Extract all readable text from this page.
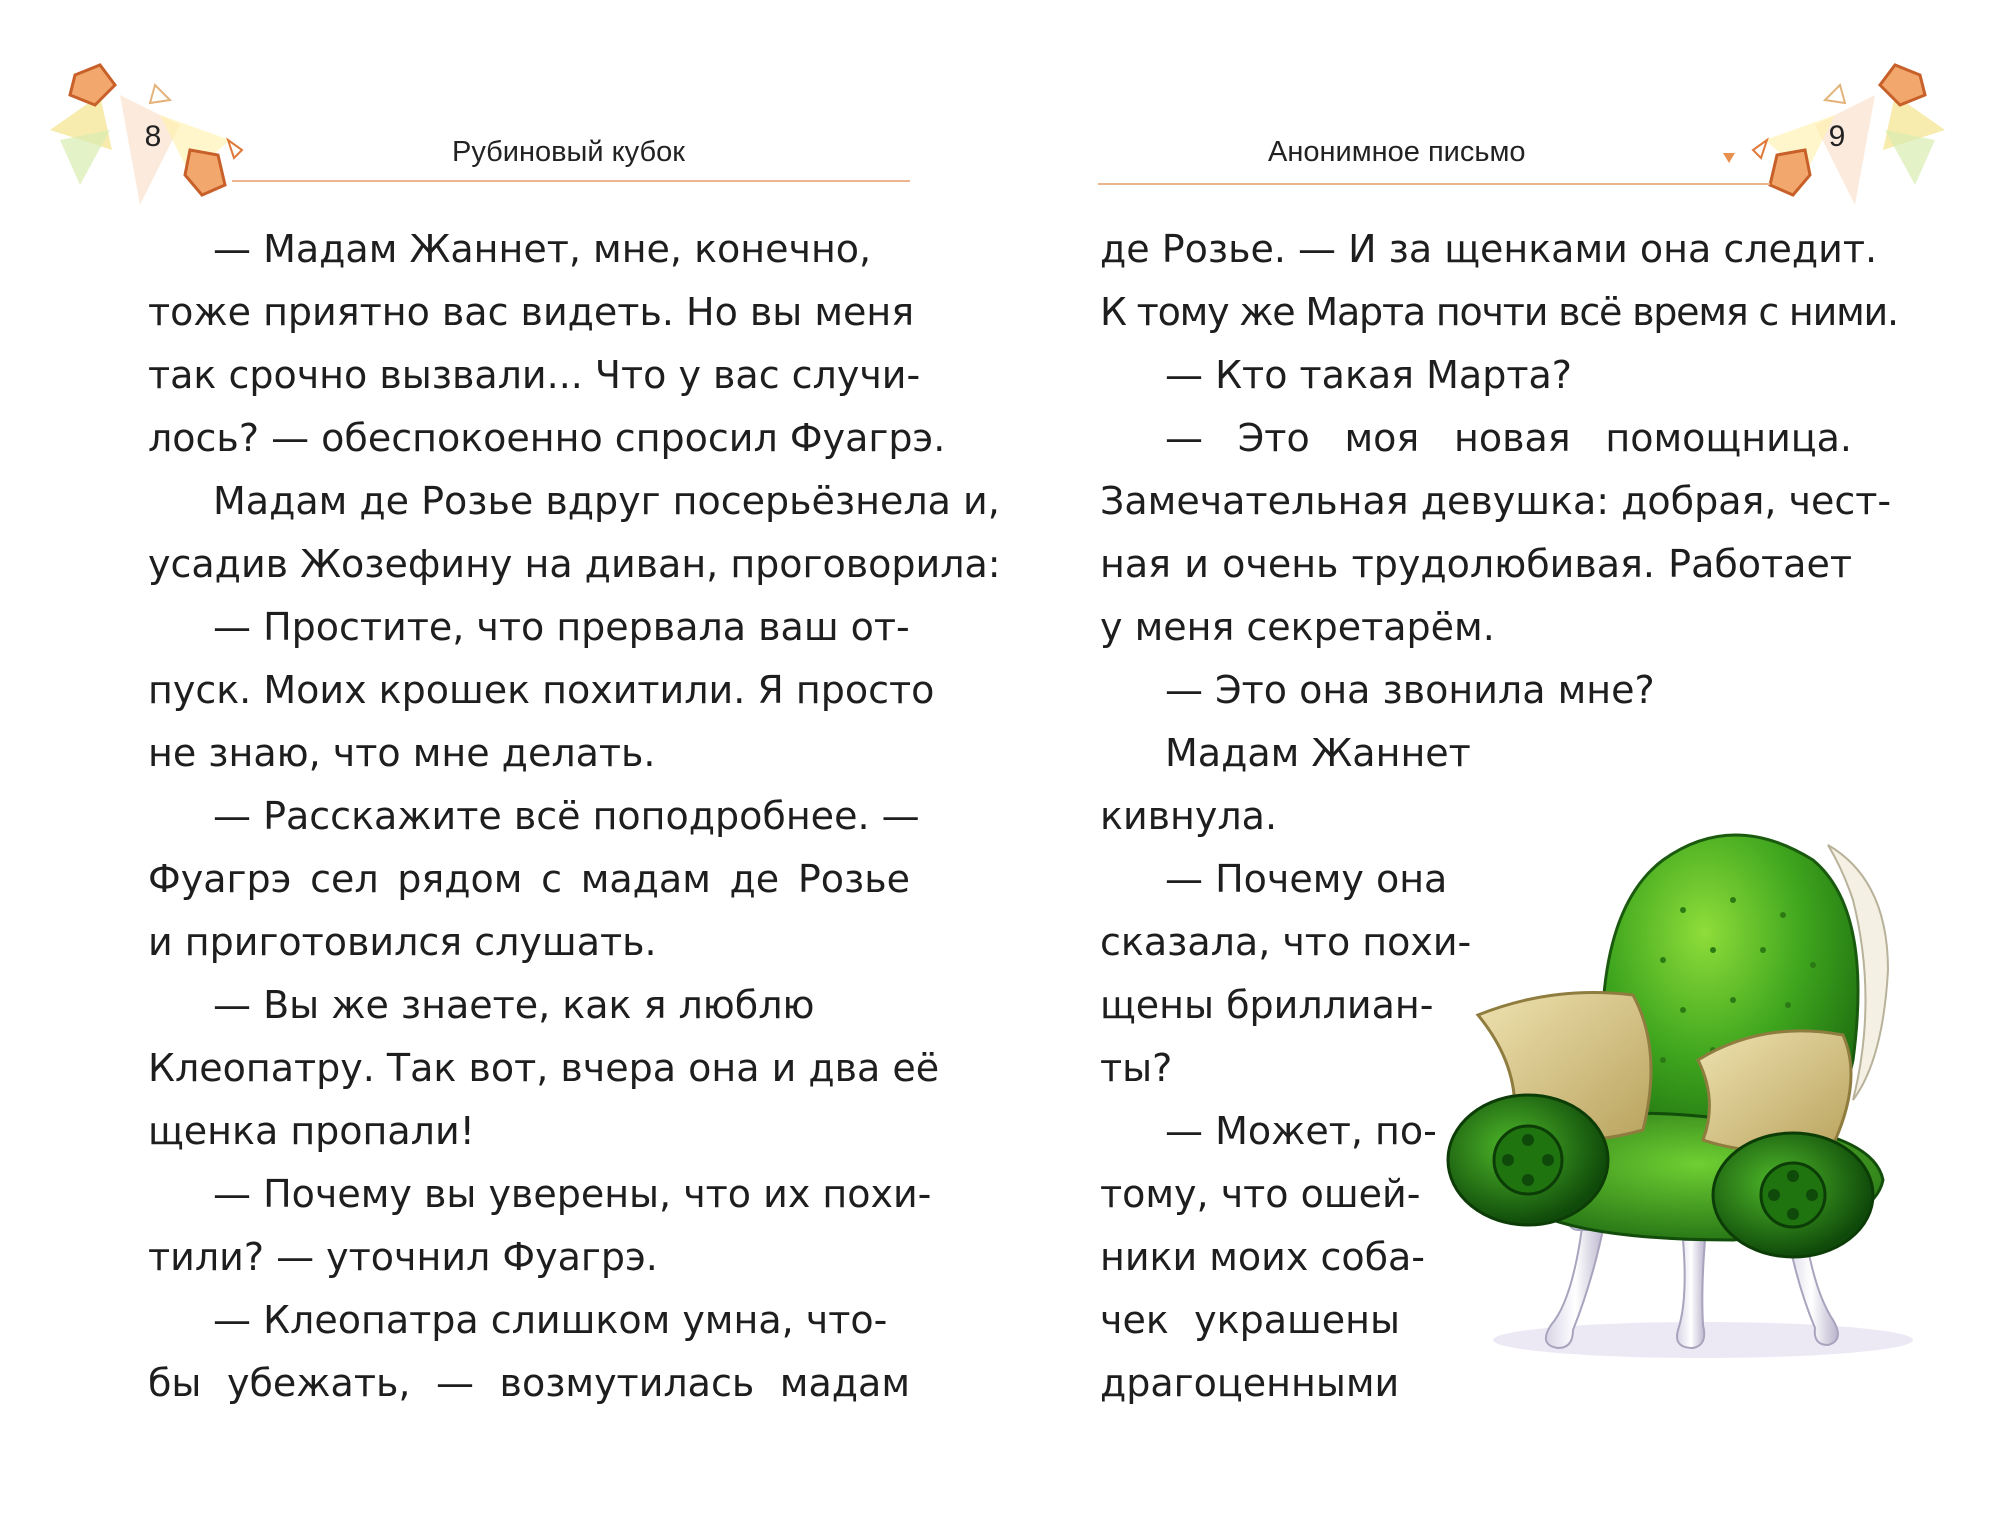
8	Рубиновый кубок
— Мадам Жаннет, мне, конечно,
тоже приятно вас видеть. Но вы меня
так срочно вызвали... Что у вас случи-
лось? — обеспокоенно спросил Фуагрэ.
Мадам де Розье вдруг посерьёзнела и,
усадив Жозефину на диван, проговорила:
— Простите, что прервала ваш от-
пуск. Моих крошек похитили. Я просто
не знаю, что мне делать.
— Расскажите всё поподробнее. —
Фуагрэ сел рядом с мадам де Розье
и приготовился слушать.
— Вы же знаете, как я люблю
Клеопатру. Так вот, вчера она и два её
щенка пропали!
— Почему вы уверены, что их похи-
тили? — уточнил Фуагрэ.
— Клеопатра слишком умна, что-
бы убежать, — возмутилась мадам
9
Анонимное письмо
де Розье. — И за щенками она следит.
К тому же Марта почти всё время с ними.
— Кто такая Марта?
— Это моя новая помощница.
Замечательная девушка: добрая, чест-
ная и очень трудолюбивая. Работает
у меня секретарём.
— Это она звонила мне?
Мадам Жаннет
кивнула.
— Почему она
сказала, что похи-
щены бриллиан-
ты?
— Может, по-
тому, что ошей-
ники моих соба-
чек украшены
драгоценными
